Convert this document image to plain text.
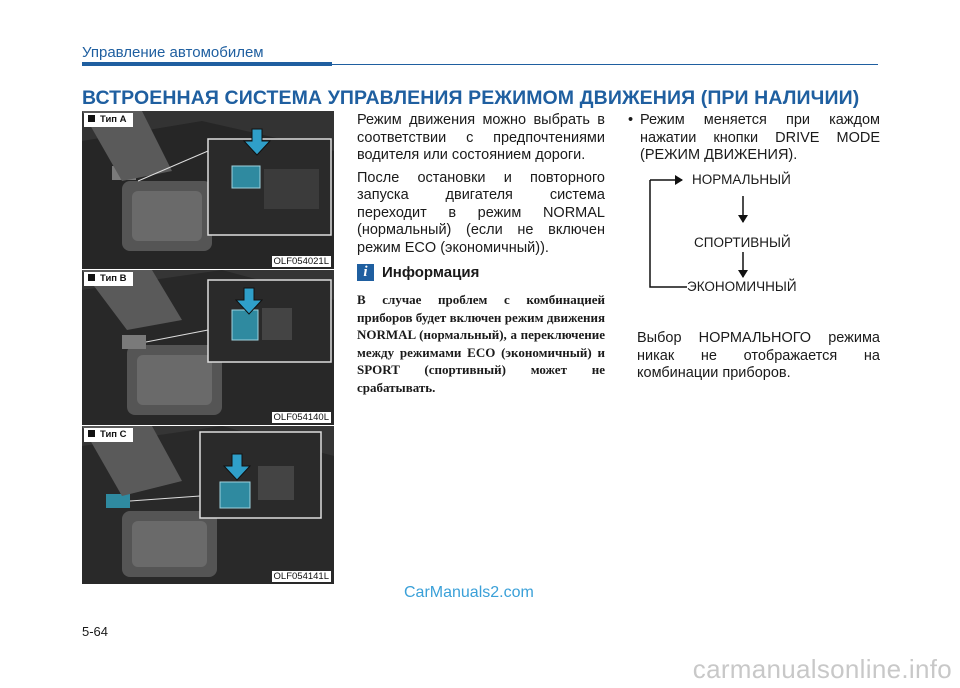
Управление автомобилем
ВСТРОЕННАЯ СИСТЕМА УПРАВЛЕНИЯ РЕЖИМОМ ДВИЖЕНИЯ (ПРИ НАЛИЧИИ)
Тип A
OLF054021L
Тип B
OLF054140L
Тип C
OLF054141L

Режим движения можно выбрать в соответствии с предпочтениями водителя или состоянием дороги.

После остановки и повторного запуска двигателя система переходит в режим NORMAL (нормальный) (если не включен режим ECO (экономичный)).

i Информация
В случае проблем с комбинацией приборов будет включен режим движения NORMAL (нормальный), а переключение между режимами ECO (экономичный) и SPORT (спортивный) может не срабатывать.
• Режим меняется при каждом нажатии кнопки DRIVE MODE (РЕЖИМ ДВИЖЕНИЯ).
НОРМАЛЬНЫЙ
СПОРТИВНЫЙ
ЭКОНОМИЧНЫЙ
Выбор НОРМАЛЬНОГО режима никак не отображается на комбинации приборов.
CarManuals2.com
5-64
carmanualsonline.info
